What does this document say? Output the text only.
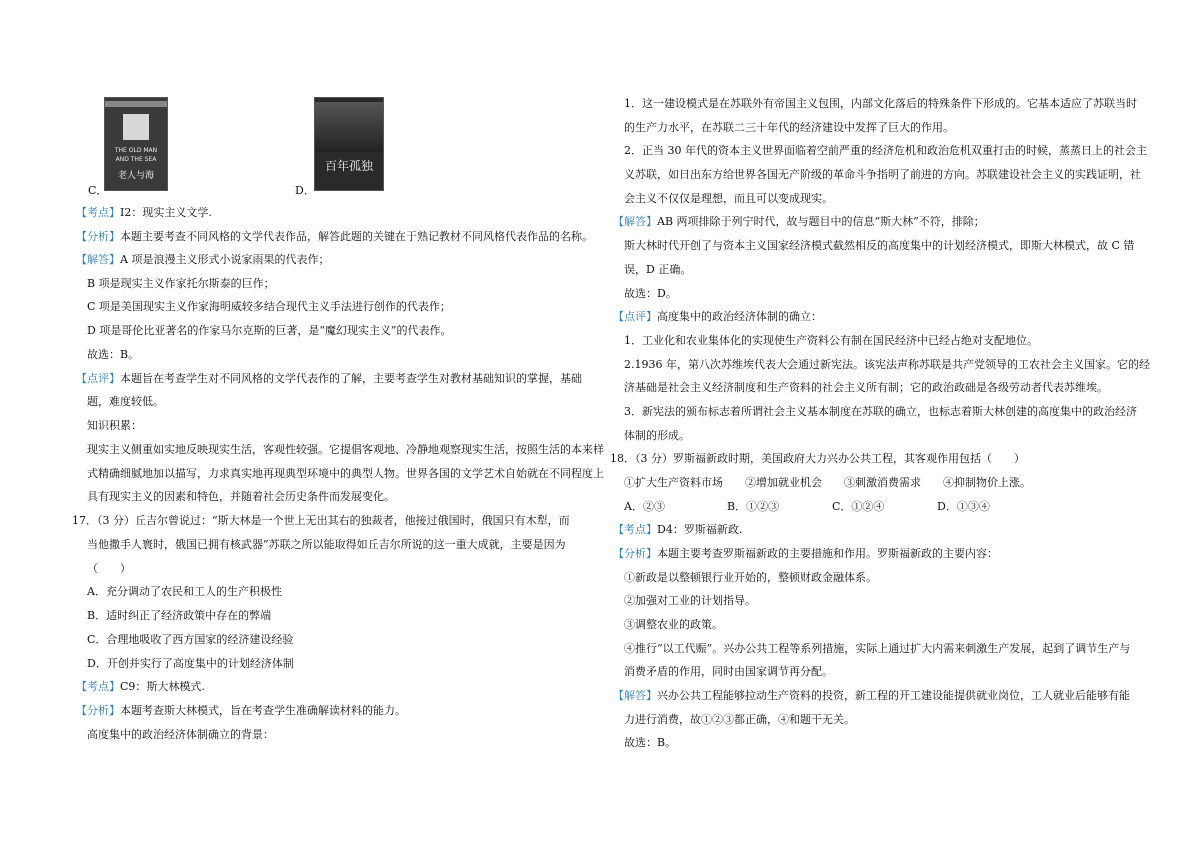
THE OLD MAN
AND THE SEA
老人与海
百年孤独
C．	D．
【考点】I2：现实主义文学.
【分析】本题主要考查不同风格的文学代表作品，解答此题的关键在于熟记教材不同风格代表作品的名称。
【解答】A 项是浪漫主义形式小说家雨果的代表作；
B 项是现实主义作家托尔斯泰的巨作；
C 项是美国现实主义作家海明威较多结合现代主义手法进行创作的代表作；
D 项是哥伦比亚著名的作家马尔克斯的巨著，是“魔幻现实主义”的代表作。
故选：B。
【点评】本题旨在考查学生对不同风格的文学代表作的了解，主要考查学生对教材基础知识的掌握，基础
题，难度较低。
知识积累：
现实主义侧重如实地反映现实生活，客观性较强。它提倡客观地、冷静地观察现实生活，按照生活的本来样
式精确细腻地加以描写，力求真实地再现典型环境中的典型人物。世界各国的文学艺术自始就在不同程度上
具有现实主义的因素和特色，并随着社会历史条件而发展变化。
17．（3 分）丘吉尔曾说过：“斯大林是一个世上无出其右的独裁者，他接过俄国时，俄国只有木犁，而
当他撒手人寰时，俄国已拥有核武器”苏联之所以能取得如丘吉尔所说的这一重大成就，主要是因为
（　　）
A．充分调动了农民和工人的生产积极性
B．适时纠正了经济政策中存在的弊端
C．合理地吸收了西方国家的经济建设经验
D．开创并实行了高度集中的计划经济体制
【考点】C9：斯大林模式.
【分析】本题考查斯大林模式，旨在考查学生准确解读材料的能力。
高度集中的政治经济体制确立的背景：
1．这一建设模式是在苏联外有帝国主义包围，内部文化落后的特殊条件下形成的。它基本适应了苏联当时
的生产力水平，在苏联二三十年代的经济建设中发挥了巨大的作用。
2．正当 30 年代的资本主义世界面临着空前严重的经济危机和政治危机双重打击的时候，蒸蒸日上的社会主
义苏联，如日出东方给世界各国无产阶级的革命斗争指明了前进的方向。苏联建设社会主义的实践证明，社
会主义不仅仅是理想，而且可以变成现实。
【解答】AB 两项排除于列宁时代，故与题目中的信息“斯大林”不符，排除；
斯大林时代开创了与资本主义国家经济模式截然相反的高度集中的计划经济模式，即斯大林模式，故 C 错
误，D 正确。
故选：D。
【点评】高度集中的政治经济体制的确立：
1．工业化和农业集体化的实现使生产资料公有制在国民经济中已经占绝对支配地位。
2.1936 年，第八次苏维埃代表大会通过新宪法。该宪法声称苏联是共产党领导的工农社会主义国家。它的经
济基础是社会主义经济制度和生产资料的社会主义所有制；它的政治政础是各级劳动者代表苏维埃。
3．新宪法的颁布标志着所谓社会主义基本制度在苏联的确立，也标志着斯大林创建的高度集中的政治经济
体制的形成。
18．（3 分）罗斯福新政时期，美国政府大力兴办公共工程，其客观作用包括（　　）
①扩大生产资料市场　　②增加就业机会　　③刺激消费需求　　④抑制物价上涨。
A．②③	B．①②③	C．①②④	D．①③④
【考点】D4：罗斯福新政.
【分析】本题主要考查罗斯福新政的主要措施和作用。罗斯福新政的主要内容：
①新政是以整顿银行业开始的，整顿财政金融体系。
②加强对工业的计划指导。
③调整农业的政策。
④推行“以工代赈”。兴办公共工程等系列措施，实际上通过扩大内需来刺激生产发展，起到了调节生产与
消费矛盾的作用，同时由国家调节再分配。
【解答】兴办公共工程能够拉动生产资料的投资，新工程的开工建设能提供就业岗位，工人就业后能够有能
力进行消费，故①②③都正确，④和题干无关。
故选：B。
